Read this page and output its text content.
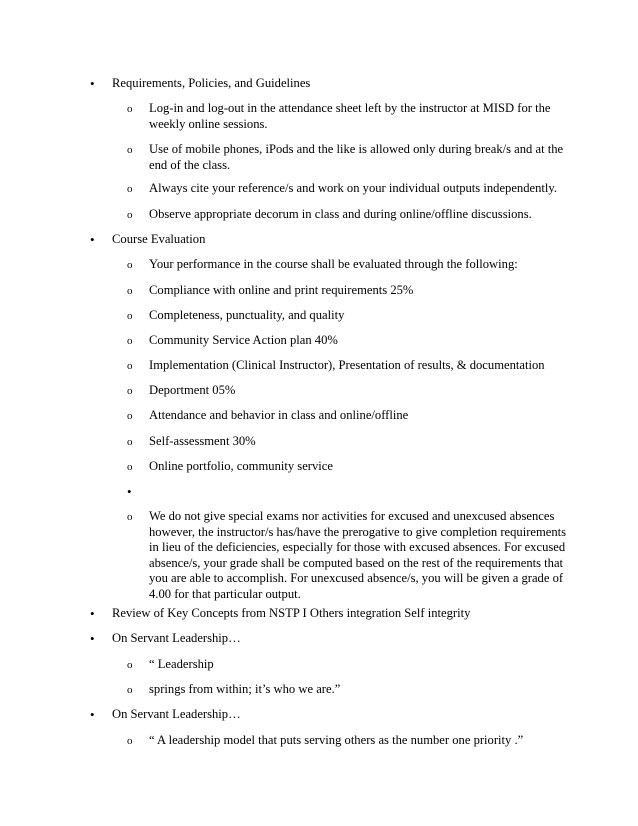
• Requirements, Policies, and Guidelines
o Log-in and log-out in the attendance sheet left by the instructor at MISD for the weekly online sessions.
o Use of mobile phones, iPods and the like is allowed only during break/s and at the end of the class.
o Always cite your reference/s and work on your individual outputs independently.
o Observe appropriate decorum in class and during online/offline discussions.
• Course Evaluation
o Your performance in the course shall be evaluated through the following:
o Compliance with online and print requirements 25%
o Completeness, punctuality, and quality
o Community Service Action plan 40%
o Implementation (Clinical Instructor), Presentation of results, & documentation
o Deportment 05%
o Attendance and behavior in class and online/offline
o Self-assessment 30%
o Online portfolio, community service
•
o We do not give special exams nor activities for excused and unexcused absences however, the instructor/s has/have the prerogative to give completion requirements in lieu of the deficiencies, especially for those with excused absences. For excused absence/s, your grade shall be computed based on the rest of the requirements that you are able to accomplish. For unexcused absence/s, you will be given a grade of 4.00 for that particular output.
• Review of Key Concepts from NSTP I Others integration Self integrity
• On Servant Leadership…
o “ Leadership
o springs from within; it’s who we are.”
• On Servant Leadership…
o “ A leadership model that puts serving others as the number one priority .”
